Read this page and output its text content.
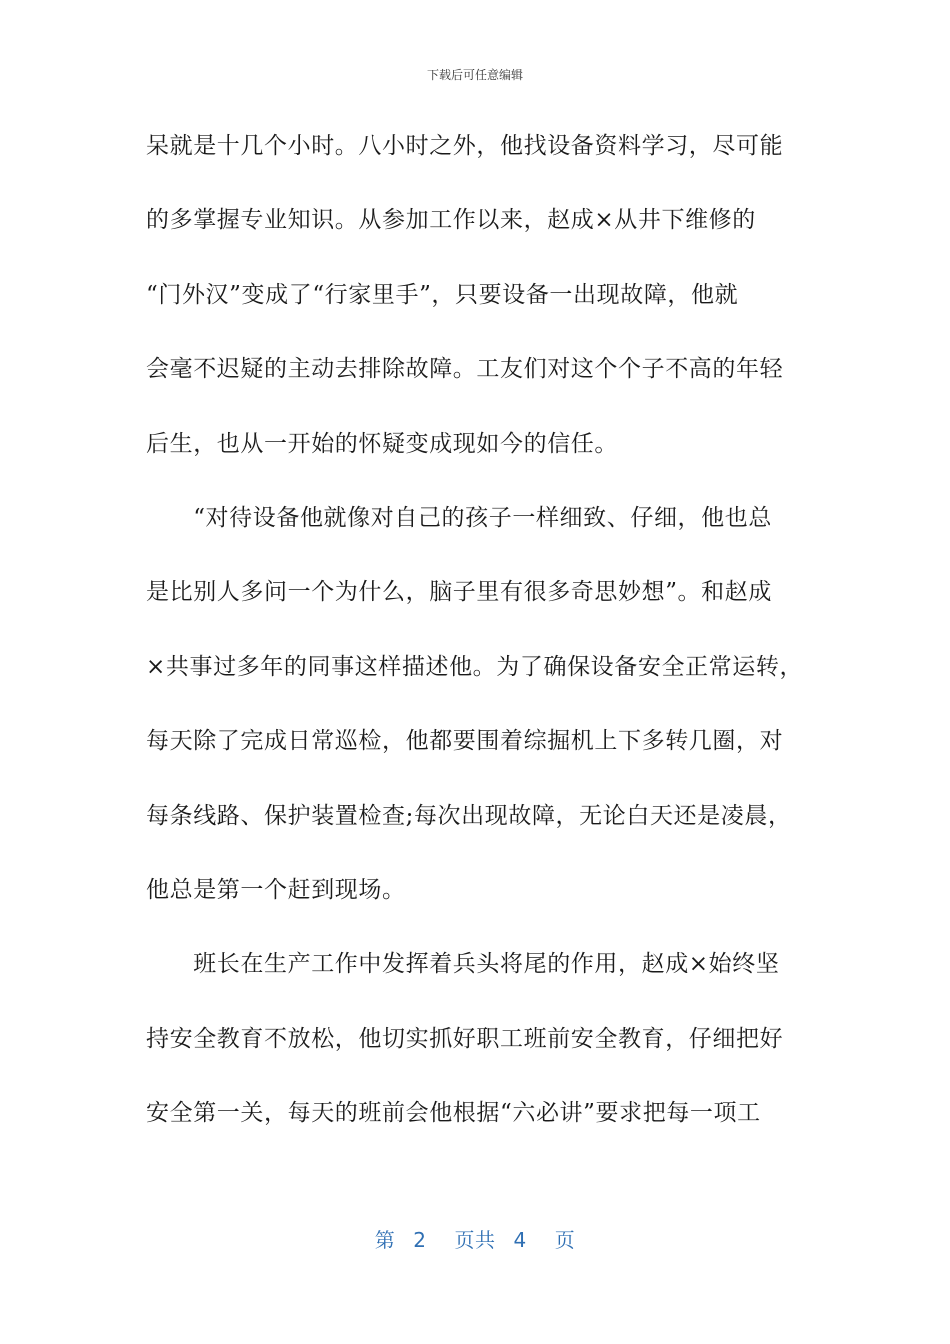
下载后可任意编辑
呆就是十几个小时。八小时之外，他找设备资料学习，尽可能
的多掌握专业知识。从参加工作以来，赵成×从井下维修的
“门外汉”变成了“行家里手”，只要设备一出现故障，他就
会毫不迟疑的主动去排除故障。工友们对这个个子不高的年轻
后生，也从一开始的怀疑变成现如今的信任。
　　“对待设备他就像对自己的孩子一样细致、仔细，他也总
是比别人多问一个为什么，脑子里有很多奇思妙想”。和赵成
×共事过多年的同事这样描述他。为了确保设备安全正常运转，
每天除了完成日常巡检，他都要围着综掘机上下多转几圈，对
每条线路、保护装置检查;每次出现故障，无论白天还是凌晨，
他总是第一个赶到现场。
　　班长在生产工作中发挥着兵头将尾的作用，赵成×始终坚
持安全教育不放松，他切实抓好职工班前安全教育，仔细把好
安全第一关，每天的班前会他根据“六必讲”要求把每一项工
第 2 页共 4 页
